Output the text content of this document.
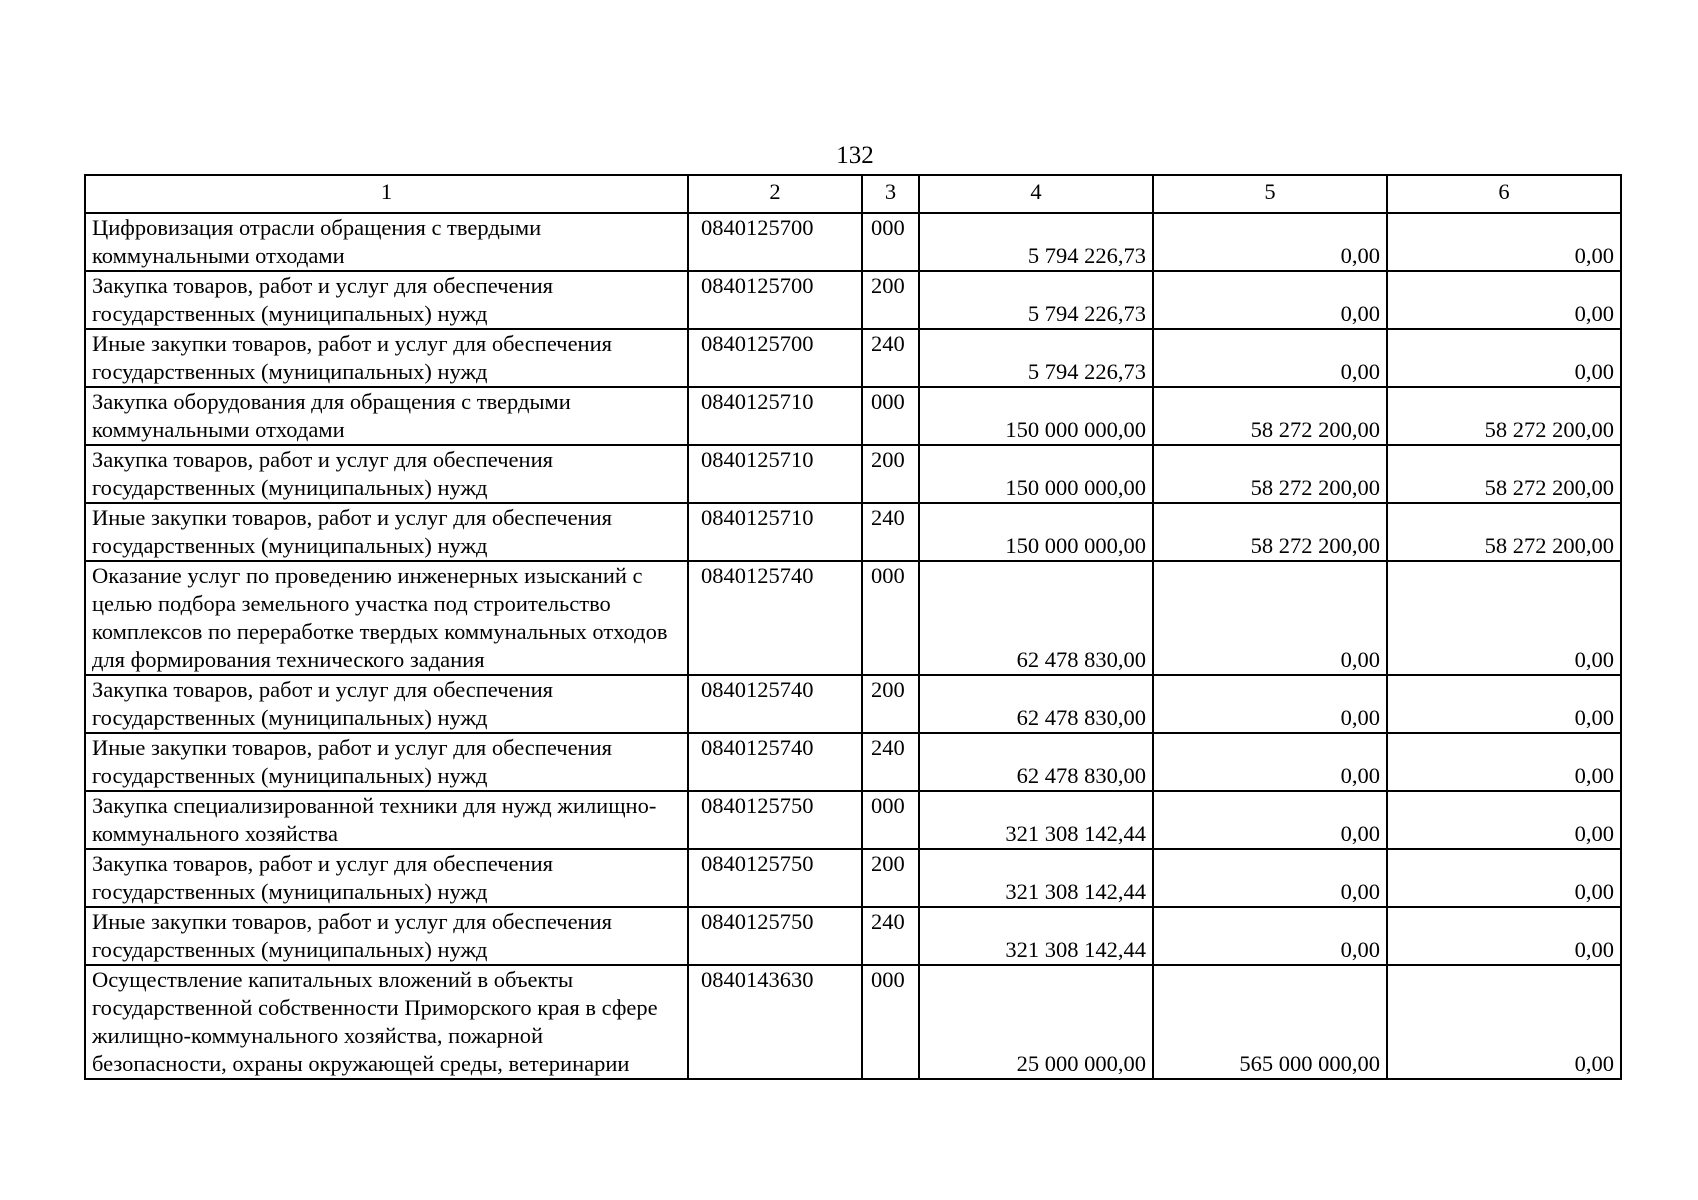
132
1	2	3	4	5	6
Цифровизация отрасли обращения с твердыми коммунальными отходами	0840125700	000	5 794 226,73	0,00	0,00
Закупка товаров, работ и услуг для обеспечения государственных (муниципальных) нужд	0840125700	200	5 794 226,73	0,00	0,00
Иные закупки товаров, работ и услуг для обеспечения государственных (муниципальных) нужд	0840125700	240	5 794 226,73	0,00	0,00
Закупка оборудования для обращения с твердыми коммунальными отходами	0840125710	000	150 000 000,00	58 272 200,00	58 272 200,00
Закупка товаров, работ и услуг для обеспечения государственных (муниципальных) нужд	0840125710	200	150 000 000,00	58 272 200,00	58 272 200,00
Иные закупки товаров, работ и услуг для обеспечения государственных (муниципальных) нужд	0840125710	240	150 000 000,00	58 272 200,00	58 272 200,00
Оказание услуг по проведению инженерных изысканий с целью подбора земельного участка под строительство комплексов по переработке твердых коммунальных отходов для формирования технического задания	0840125740	000	62 478 830,00	0,00	0,00
Закупка товаров, работ и услуг для обеспечения государственных (муниципальных) нужд	0840125740	200	62 478 830,00	0,00	0,00
Иные закупки товаров, работ и услуг для обеспечения государственных (муниципальных) нужд	0840125740	240	62 478 830,00	0,00	0,00
Закупка специализированной техники для нужд жилищно-коммунального хозяйства	0840125750	000	321 308 142,44	0,00	0,00
Закупка товаров, работ и услуг для обеспечения государственных (муниципальных) нужд	0840125750	200	321 308 142,44	0,00	0,00
Иные закупки товаров, работ и услуг для обеспечения государственных (муниципальных) нужд	0840125750	240	321 308 142,44	0,00	0,00
Осуществление капитальных вложений в объекты государственной собственности Приморского края в сфере жилищно-коммунального хозяйства, пожарной безопасности, охраны окружающей среды, ветеринарии	0840143630	000	25 000 000,00	565 000 000,00	0,00
